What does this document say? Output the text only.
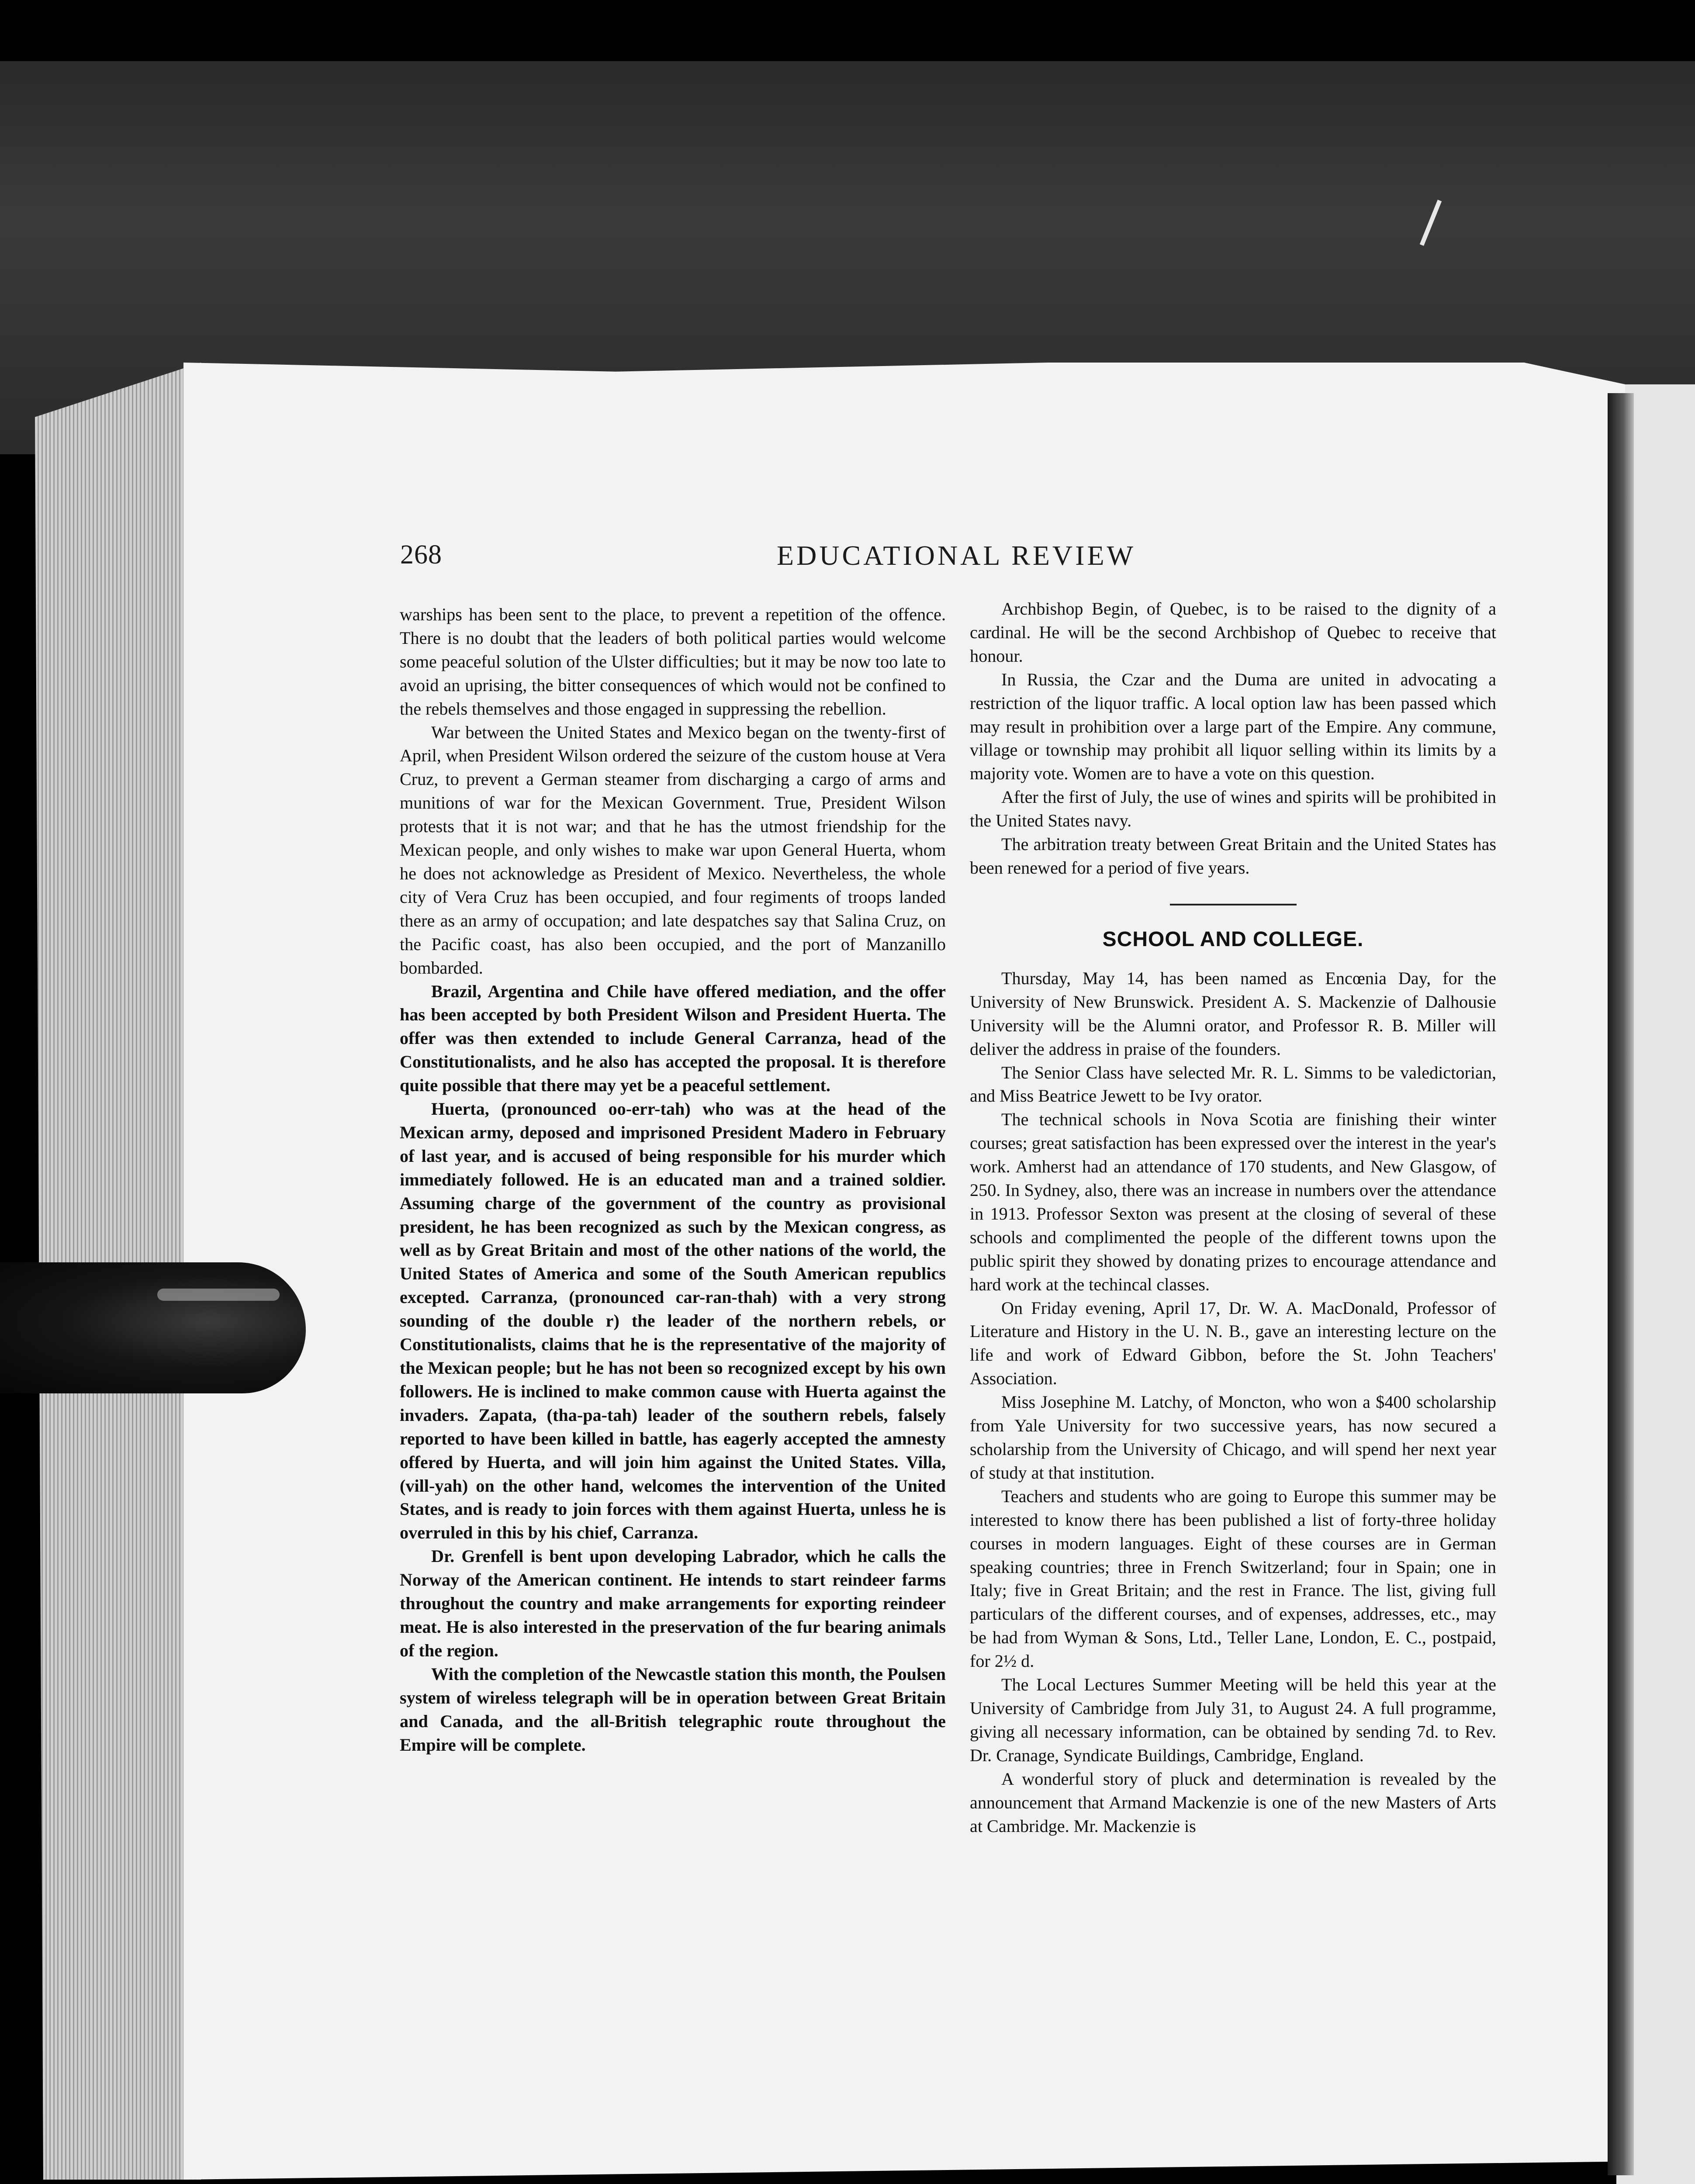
268	EDUCATIONAL REVIEW

warships has been sent to the place, to prevent a repetition of the offence. There is no doubt that the leaders of both political parties would welcome some peaceful solution of the Ulster difficulties; but it may be now too late to avoid an uprising, the bitter consequences of which would not be confined to the rebels themselves and those engaged in suppressing the rebellion.

War between the United States and Mexico began on the twenty-first of April, when President Wilson ordered the seizure of the custom house at Vera Cruz, to prevent a German steamer from discharging a cargo of arms and munitions of war for the Mexican Government. True, President Wilson protests that it is not war; and that he has the utmost friendship for the Mexican people, and only wishes to make war upon General Huerta, whom he does not acknowledge as President of Mexico. Nevertheless, the whole city of Vera Cruz has been occupied, and four regiments of troops landed there as an army of occupation; and late despatches say that Salina Cruz, on the Pacific coast, has also been occupied, and the port of Manzanillo bombarded.

Brazil, Argentina and Chile have offered mediation, and the offer has been accepted by both President Wilson and President Huerta. The offer was then extended to include General Carranza, head of the Constitutionalists, and he also has accepted the proposal. It is therefore quite possible that there may yet be a peaceful settlement.

Huerta, (pronounced oo-err-tah) who was at the head of the Mexican army, deposed and imprisoned President Madero in February of last year, and is accused of being responsible for his murder which immediately followed. He is an educated man and a trained soldier. Assuming charge of the government of the country as provisional president, he has been recognized as such by the Mexican congress, as well as by Great Britain and most of the other nations of the world, the United States of America and some of the South American republics excepted. Carranza, (pronounced car-ran-thah) with a very strong sounding of the double r) the leader of the northern rebels, or Constitutionalists, claims that he is the representative of the majority of the Mexican people; but he has not been so recognized except by his own followers. He is inclined to make common cause with Huerta against the invaders. Zapata, (tha-pa-tah) leader of the southern rebels, falsely reported to have been killed in battle, has eagerly accepted the amnesty offered by Huerta, and will join him against the United States. Villa, (vill-yah) on the other hand, welcomes the intervention of the United States, and is ready to join forces with them against Huerta, unless he is overruled in this by his chief, Carranza.

Dr. Grenfell is bent upon developing Labrador, which he calls the Norway of the American continent. He intends to start reindeer farms throughout the country and make arrangements for exporting reindeer meat. He is also interested in the preservation of the fur bearing animals of the region.

With the completion of the Newcastle station this month, the Poulsen system of wireless telegraph will be in operation between Great Britain and Canada, and the all-British telegraphic route throughout the Empire will be complete.

Archbishop Begin, of Quebec, is to be raised to the dignity of a cardinal. He will be the second Archbishop of Quebec to receive that honour.

In Russia, the Czar and the Duma are united in advocating a restriction of the liquor traffic. A local option law has been passed which may result in prohibition over a large part of the Empire. Any commune, village or township may prohibit all liquor selling within its limits by a majority vote. Women are to have a vote on this question.

After the first of July, the use of wines and spirits will be prohibited in the United States navy.

The arbitration treaty between Great Britain and the United States has been renewed for a period of five years.

SCHOOL AND COLLEGE.

Thursday, May 14, has been named as Encœnia Day, for the University of New Brunswick. President A. S. Mackenzie of Dalhousie University will be the Alumni orator, and Professor R. B. Miller will deliver the address in praise of the founders.

The Senior Class have selected Mr. R. L. Simms to be valedictorian, and Miss Beatrice Jewett to be Ivy orator.

The technical schools in Nova Scotia are finishing their winter courses; great satisfaction has been expressed over the interest in the year's work. Amherst had an attendance of 170 students, and New Glasgow, of 250. In Sydney, also, there was an increase in numbers over the attendance in 1913. Professor Sexton was present at the closing of several of these schools and complimented the people of the different towns upon the public spirit they showed by donating prizes to encourage attendance and hard work at the techincal classes.

On Friday evening, April 17, Dr. W. A. MacDonald, Professor of Literature and History in the U. N. B., gave an interesting lecture on the life and work of Edward Gibbon, before the St. John Teachers' Association.

Miss Josephine M. Latchy, of Moncton, who won a $400 scholarship from Yale University for two successive years, has now secured a scholarship from the University of Chicago, and will spend her next year of study at that institution.

Teachers and students who are going to Europe this summer may be interested to know there has been published a list of forty-three holiday courses in modern languages. Eight of these courses are in German speaking countries; three in French Switzerland; four in Spain; one in Italy; five in Great Britain; and the rest in France. The list, giving full particulars of the different courses, and of expenses, addresses, etc., may be had from Wyman & Sons, Ltd., Teller Lane, London, E. C., postpaid, for 2½ d.

The Local Lectures Summer Meeting will be held this year at the University of Cambridge from July 31, to August 24. A full programme, giving all necessary information, can be obtained by sending 7d. to Rev. Dr. Cranage, Syndicate Buildings, Cambridge, England.

A wonderful story of pluck and determination is revealed by the announcement that Armand Mackenzie is one of the new Masters of Arts at Cambridge. Mr. Mackenzie is
